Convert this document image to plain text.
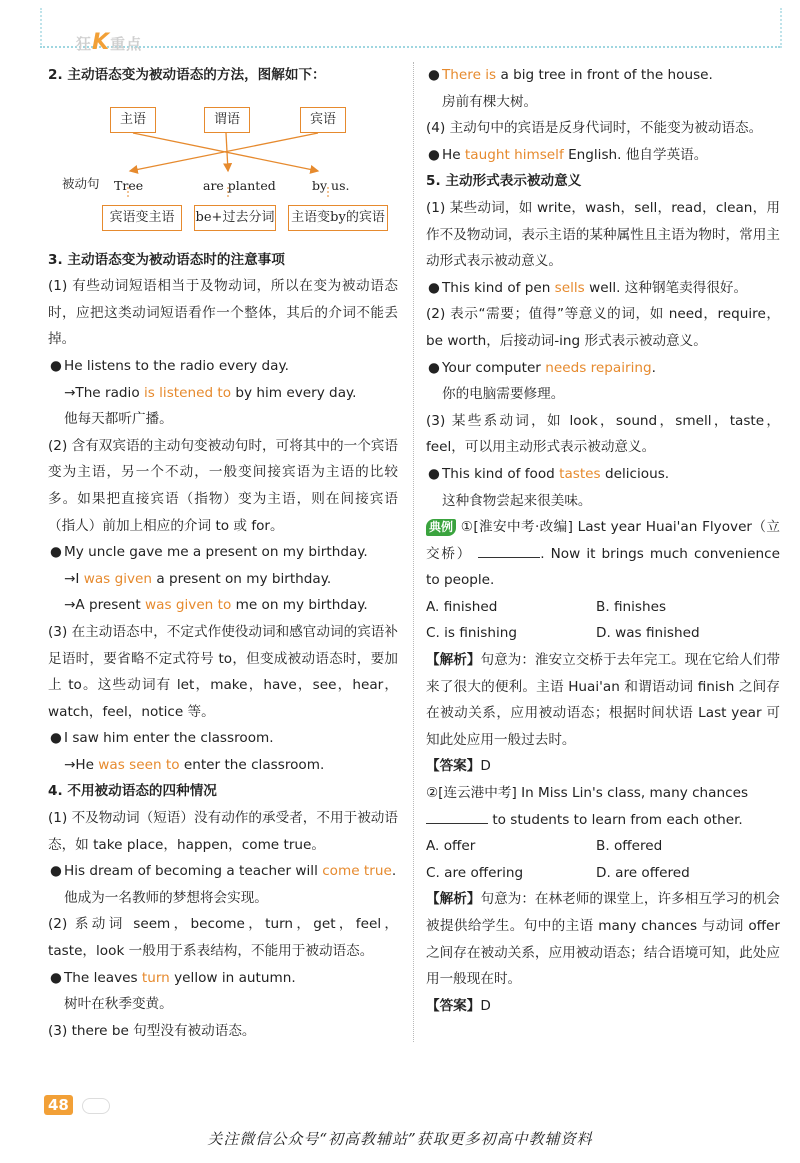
狂K重点
2. 主动语态变为被动语态的方法，图解如下：
主语	谓语	宾语
被动句 Tree	are planted	by us.
宾语变主语	be+过去分词 主语变by的宾语
3. 主动语态变为被动语态时的注意事项
(1) 有些动词短语相当于及物动词，所以在变为被动语态时，应把这类动词短语看作一个整体，其后的介词不能丢掉。
● He listens to the radio every day.
→The radio is listened to by him every day.
他每天都听广播。
(2) 含有双宾语的主动句变被动句时，可将其中的一个宾语变为主语，另一个不动，一般变间接宾语为主语的比较多。如果把直接宾语（指物）变为主语，则在间接宾语（指人）前加上相应的介词 to 或 for。
● My uncle gave me a present on my birthday.
→I was given a present on my birthday.
→A present was given to me on my birthday.
(3) 在主动语态中，不定式作使役动词和感官动词的宾语补足语时，要省略不定式符号 to，但变成被动语态时，要加上 to。这些动词有 let，make，have，see，hear，watch，feel，notice 等。
● I saw him enter the classroom.
→He was seen to enter the classroom.
4. 不用被动语态的四种情况
(1) 不及物动词（短语）没有动作的承受者，不用于被动语态，如 take place，happen，come true。
● His dream of becoming a teacher will come true.
他成为一名教师的梦想将会实现。
(2) 系动词 seem，become，turn，get，feel，taste，look 一般用于系表结构，不能用于被动语态。
● The leaves turn yellow in autumn.
树叶在秋季变黄。
(3) there be 句型没有被动语态。
● There is a big tree in front of the house.
房前有棵大树。
(4) 主动句中的宾语是反身代词时，不能变为被动语态。
● He taught himself English. 他自学英语。
5. 主动形式表示被动意义
(1) 某些动词，如 write，wash，sell，read，clean，用作不及物动词，表示主语的某种属性且主语为物时，常用主动形式表示被动意义。
● This kind of pen sells well. 这种钢笔卖得很好。
(2) 表示“需要；值得”等意义的词，如 need，require，be worth，后接动词-ing 形式表示被动意义。
● Your computer needs repairing.
你的电脑需要修理。
(3) 某些系动词，如 look，sound，smell，taste，feel，可以用主动形式表示被动意义。
● This kind of food tastes delicious.
这种食物尝起来很美味。
典例 ①[淮安中考·改编] Last year Huai'an Flyover（立交桥）	. Now it brings much convenience to people.
A. finished	B. finishes
C. is finishing	D. was finished
【解析】句意为：淮安立交桥于去年完工。现在它给人们带来了很大的便利。主语 Huai'an 和谓语动词 finish 之间存在被动关系，应用被动语态；根据时间状语 Last year 可知此处应用一般过去时。
【答案】D
②[连云港中考] In Miss Lin's class, many chances
to students to learn from each other.
A. offer	B. offered
C. are offering	D. are offered
【解析】句意为：在林老师的课堂上，许多相互学习的机会被提供给学生。句中的主语 many chances 与动词 offer 之间存在被动关系，应用被动语态；结合语境可知，此处应用一般现在时。
【答案】D
48
关注微信公众号“初高教辅站”获取更多初高中教辅资料
